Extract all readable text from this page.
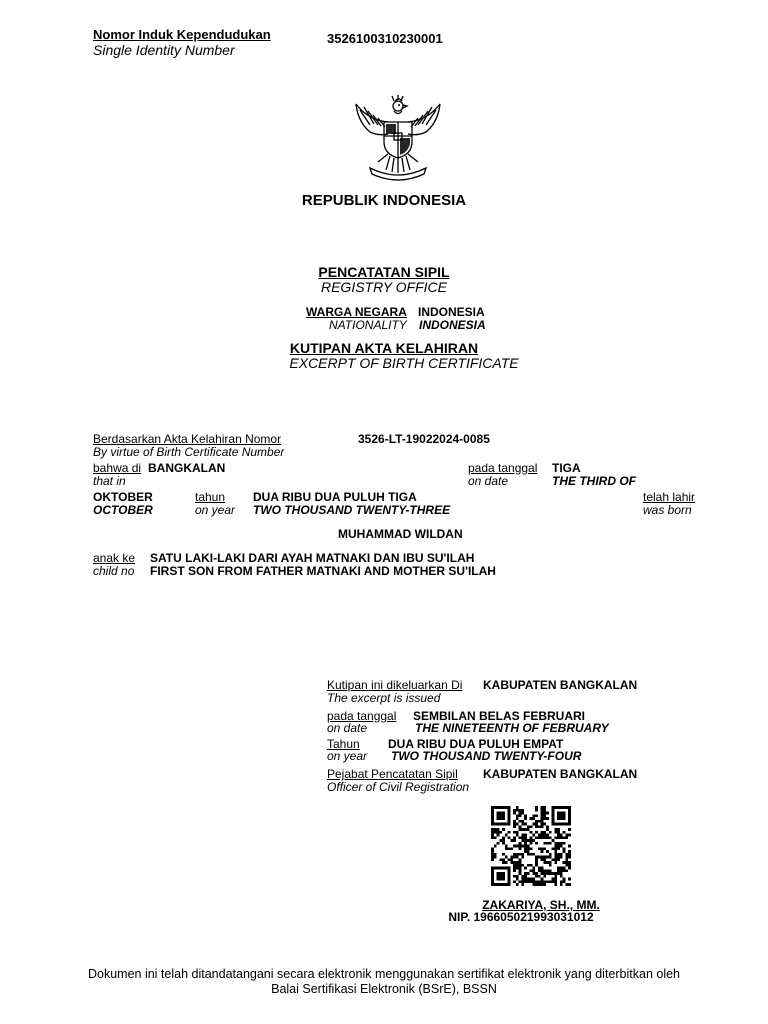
Nomor Induk Kependudukan
Single Identity Number
3526100310230001
REPUBLIK INDONESIA
PENCATATAN SIPIL
REGISTRY OFFICE
WARGA NEGARA INDONESIA
NATIONALITY INDONESIA
KUTIPAN AKTA KELAHIRAN
EXCERPT OF BIRTH CERTIFICATE
Berdasarkan Akta Kelahiran Nomor
By virtue of Birth Certificate Number
3526-LT-19022024-0085
bahwa di BANGKALAN
that in
pada tanggal
on date
TIGA
THE THIRD OF
OKTOBER
OCTOBER
tahun
on year
DUA RIBU DUA PULUH TIGA
TWO THOUSAND TWENTY-THREE
telah lahir
was born
MUHAMMAD WILDAN
anak ke
child no
SATU LAKI-LAKI DARI AYAH MATNAKI DAN IBU SU'ILAH
FIRST SON FROM FATHER MATNAKI AND MOTHER SU'ILAH
Kutipan ini dikeluarkan Di
The excerpt is issued
KABUPATEN BANGKALAN
pada tanggal
on date
SEMBILAN BELAS FEBRUARI
THE NINETEENTH OF FEBRUARY
Tahun
on year
DUA RIBU DUA PULUH EMPAT
TWO THOUSAND TWENTY-FOUR
Pejabat Pencatatan Sipil
Officer of Civil Registration
KABUPATEN BANGKALAN
ZAKARIYA, SH., MM.
NIP. 196605021993031012
Dokumen ini telah ditandatangani secara elektronik menggunakan sertifikat elektronik yang diterbitkan oleh
Balai Sertifikasi Elektronik (BSrE), BSSN
